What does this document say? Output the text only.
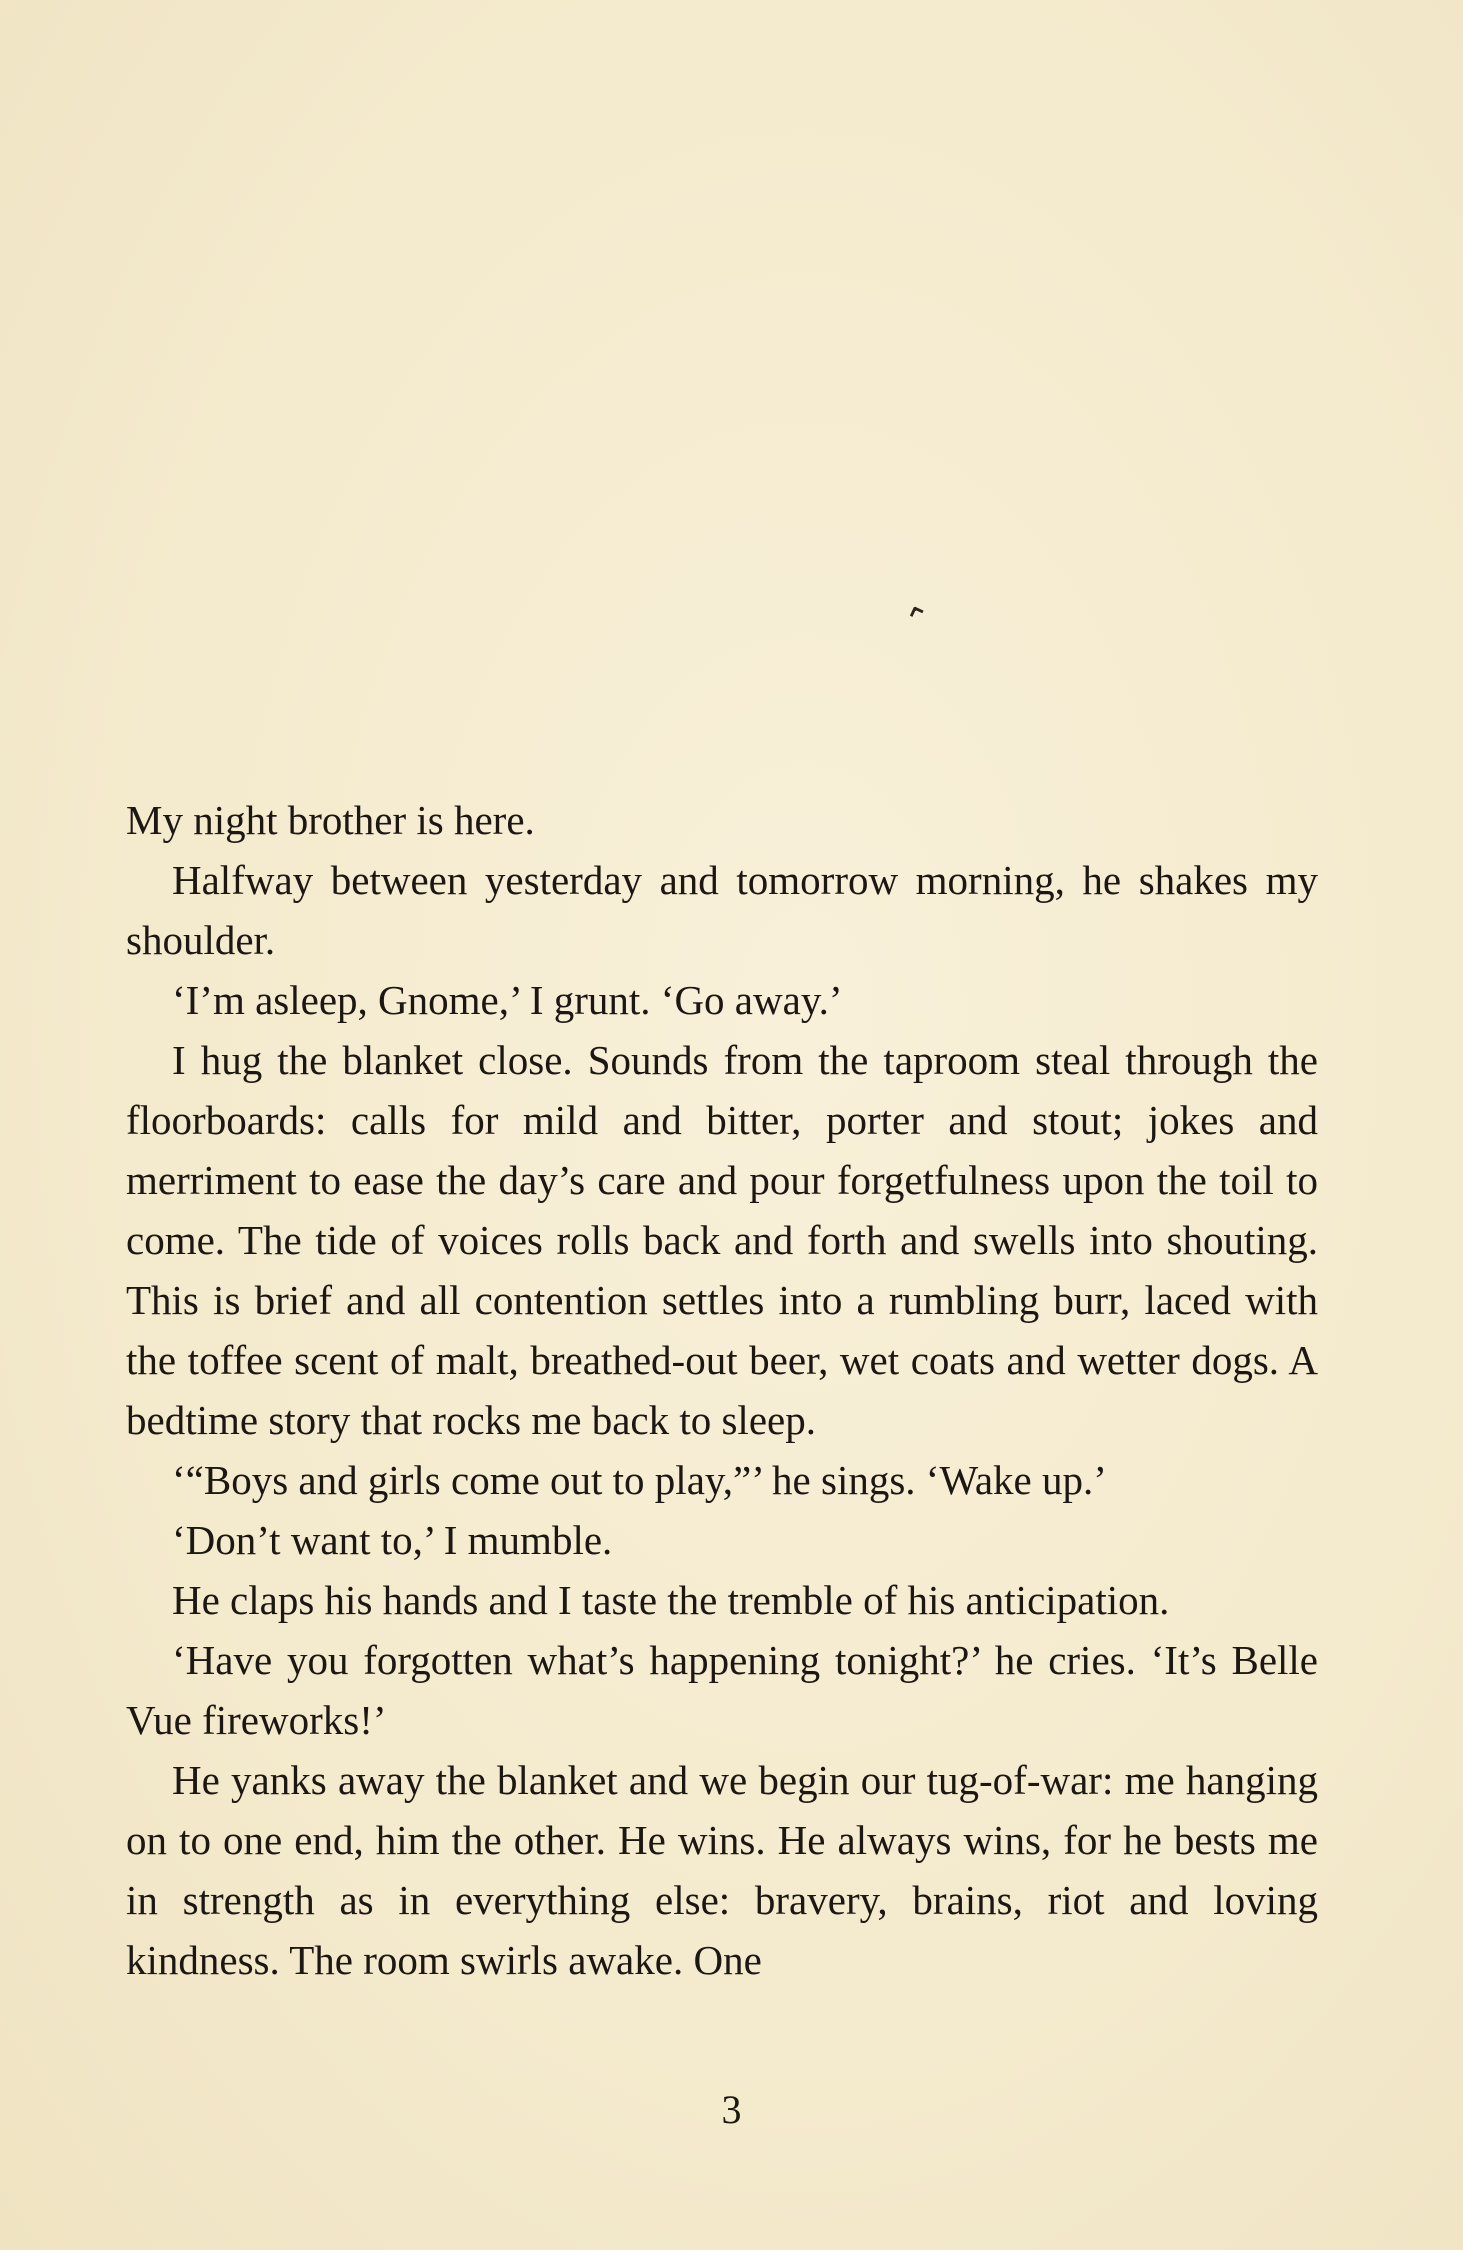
⌃

My night brother is here.

Halfway between yesterday and tomorrow morning, he shakes my shoulder.

‘I’m asleep, Gnome,’ I grunt. ‘Go away.’

I hug the blanket close. Sounds from the taproom steal through the floorboards: calls for mild and bitter, porter and stout; jokes and merriment to ease the day’s care and pour forgetfulness upon the toil to come. The tide of voices rolls back and forth and swells into shouting. This is brief and all contention settles into a rumbling burr, laced with the toffee scent of malt, breathed-out beer, wet coats and wetter dogs. A bedtime story that rocks me back to sleep.

‘“Boys and girls come out to play,”’ he sings. ‘Wake up.’

‘Don’t want to,’ I mumble.

He claps his hands and I taste the tremble of his anticipation.

‘Have you forgotten what’s happening tonight?’ he cries. ‘It’s Belle Vue fireworks!’

He yanks away the blanket and we begin our tug-of-war: me hanging on to one end, him the other. He wins. He always wins, for he bests me in strength as in everything else: bravery, brains, riot and loving kindness. The room swirls awake. One

3
